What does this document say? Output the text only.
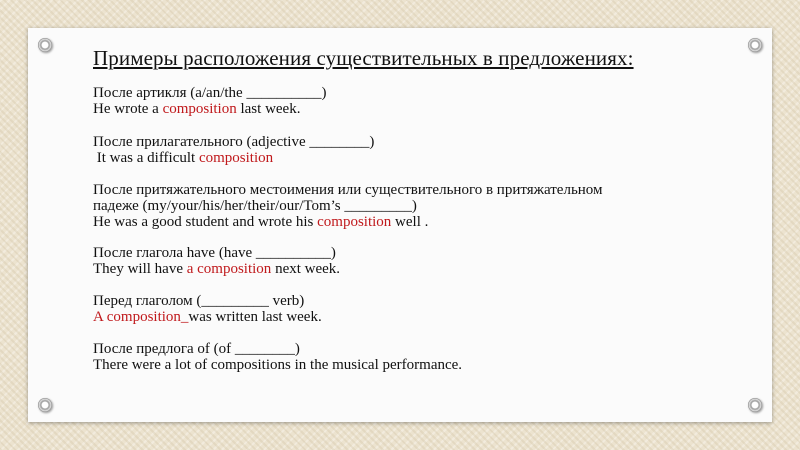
Примеры расположения существительных в предложениях:
После артикля (a/an/the __________)
He wrote a composition last week.
После прилагательного (adjective ________)
It was a difficult composition
После притяжательного местоимения или существительного в притяжательном
падеже (my/your/his/her/their/our/Tom’s _________)
He was a good student and wrote his composition well .
После глагола have (have __________)
They will have a composition next week.
Перед глаголом (_________ verb)
A composition_was written last week.
После предлога of (of ________)
There were a lot of compositions in the musical performance.
